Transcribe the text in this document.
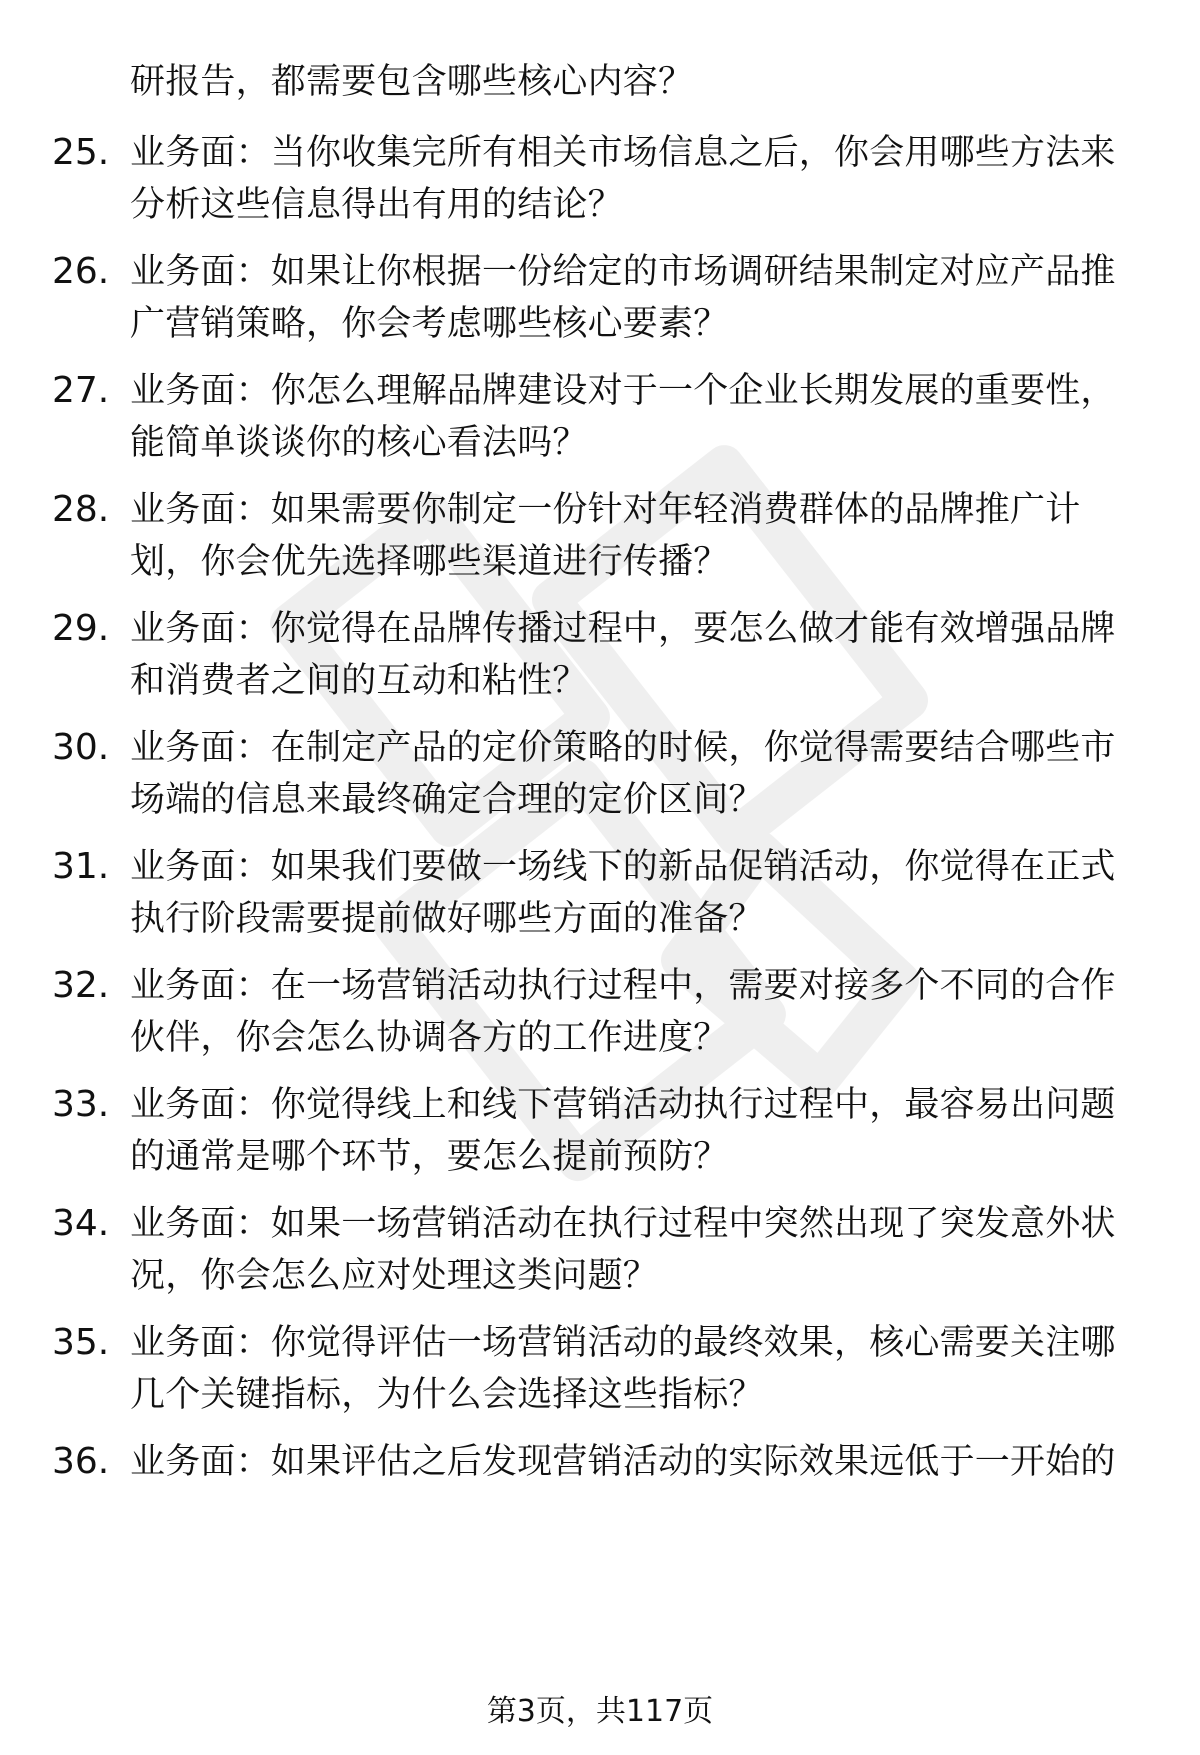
研报告，都需要包含哪些核心内容？
25. 业务面：当你收集完所有相关市场信息之后，你会用哪些方法来
分析这些信息得出有用的结论？
26. 业务面：如果让你根据一份给定的市场调研结果制定对应产品推
广营销策略，你会考虑哪些核心要素？
27. 业务面：你怎么理解品牌建设对于一个企业长期发展的重要性，
能简单谈谈你的核心看法吗？
28. 业务面：如果需要你制定一份针对年轻消费群体的品牌推广计
划，你会优先选择哪些渠道进行传播？
29. 业务面：你觉得在品牌传播过程中，要怎么做才能有效增强品牌
和消费者之间的互动和粘性？
30. 业务面：在制定产品的定价策略的时候，你觉得需要结合哪些市
场端的信息来最终确定合理的定价区间？
31. 业务面：如果我们要做一场线下的新品促销活动，你觉得在正式
执行阶段需要提前做好哪些方面的准备？
32. 业务面：在一场营销活动执行过程中，需要对接多个不同的合作
伙伴，你会怎么协调各方的工作进度？
33. 业务面：你觉得线上和线下营销活动执行过程中，最容易出问题
的通常是哪个环节，要怎么提前预防？
34. 业务面：如果一场营销活动在执行过程中突然出现了突发意外状
况，你会怎么应对处理这类问题？
35. 业务面：你觉得评估一场营销活动的最终效果，核心需要关注哪
几个关键指标，为什么会选择这些指标？
36. 业务面：如果评估之后发现营销活动的实际效果远低于一开始的
第3页，共117页
